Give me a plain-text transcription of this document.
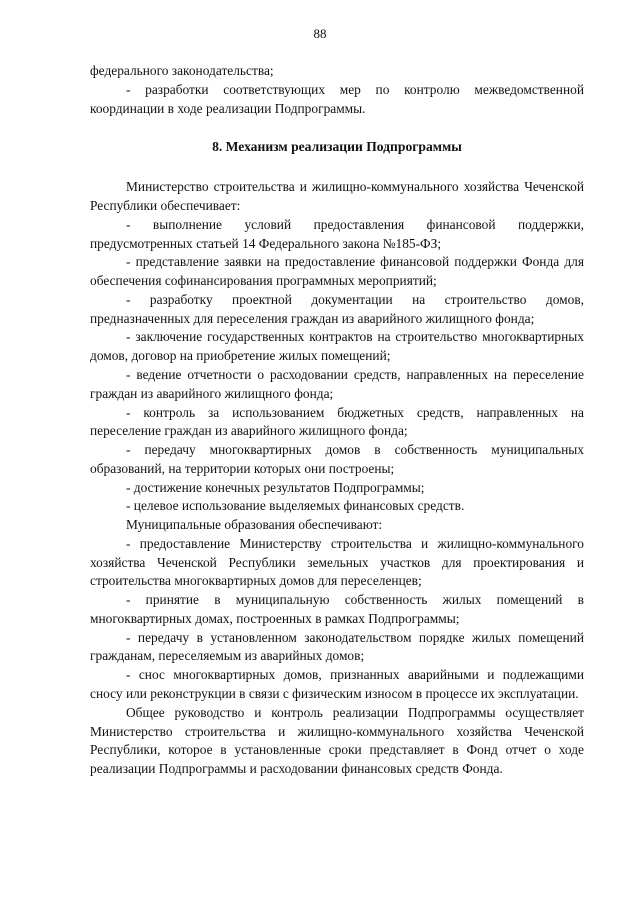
88

федерального законодательства;

- разработки соответствующих мер по контролю межведомственной координации в ходе реализации Подпрограммы.

8. Механизм реализации Подпрограммы

Министерство строительства и жилищно-коммунального хозяйства Чеченской Республики обеспечивает:

- выполнение условий предоставления финансовой поддержки, предусмотренных статьей 14 Федерального закона №185-ФЗ;

- представление заявки на предоставление финансовой поддержки Фонда для обеспечения софинансирования программных мероприятий;

- разработку проектной документации на строительство домов, предназначенных для переселения граждан из аварийного жилищного фонда;

- заключение государственных контрактов на строительство многоквартирных домов, договор на приобретение жилых помещений;

- ведение отчетности о расходовании средств, направленных на переселение граждан из аварийного жилищного фонда;

- контроль за использованием бюджетных средств, направленных на переселение граждан из аварийного жилищного фонда;

- передачу многоквартирных домов в собственность муниципальных образований, на территории которых они построены;

- достижение конечных результатов Подпрограммы;

- целевое использование выделяемых финансовых средств.

Муниципальные образования обеспечивают:

- предоставление Министерству строительства и жилищно-коммунального хозяйства Чеченской Республики земельных участков для проектирования и строительства многоквартирных домов для переселенцев;

- принятие в муниципальную собственность жилых помещений в многоквартирных домах, построенных в рамках Подпрограммы;

- передачу в установленном законодательством порядке жилых помещений гражданам, переселяемым из аварийных домов;

- снос многоквартирных домов, признанных аварийными и подлежащими сносу или реконструкции в связи с физическим износом в процессе их эксплуатации.

Общее руководство и контроль реализации Подпрограммы осуществляет Министерство строительства и жилищно-коммунального хозяйства Чеченской Республики, которое в установленные сроки представляет в Фонд отчет о ходе реализации Подпрограммы и расходовании финансовых средств Фонда.
